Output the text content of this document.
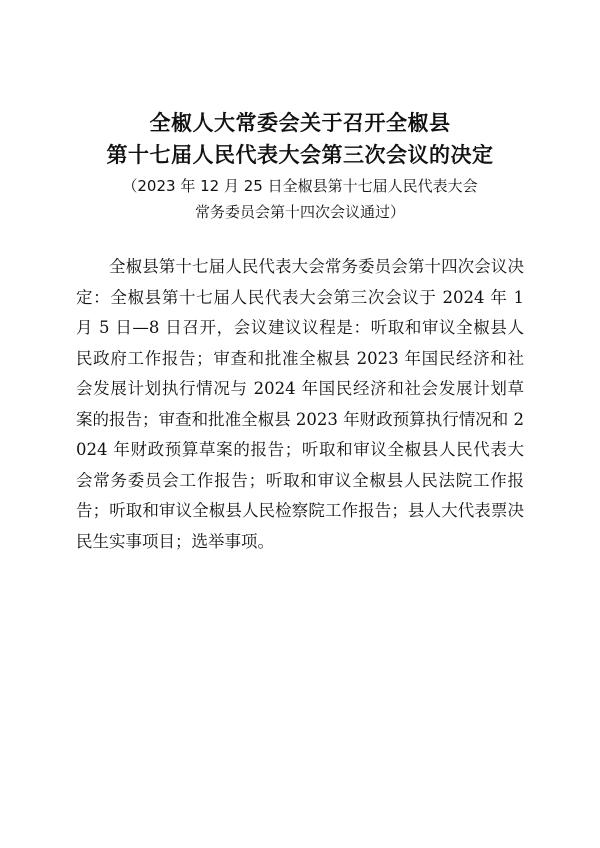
全椒人大常委会关于召开全椒县
第十七届人民代表大会第三次会议的决定
（2023 年 12 月 25 日全椒县第十七届人民代表大会
常务委员会第十四次会议通过）

全椒县第十七届人民代表大会常务委员会第十四次会议决定：全椒县第十七届人民代表大会第三次会议于 2024 年 1 月 5 日—8 日召开，会议建议议程是：听取和审议全椒县人民政府工作报告；审查和批准全椒县 2023 年国民经济和社会发展计划执行情况与 2024 年国民经济和社会发展计划草案的报告；审查和批准全椒县 2023 年财政预算执行情况和 2024 年财政预算草案的报告；听取和审议全椒县人民代表大会常务委员会工作报告；听取和审议全椒县人民法院工作报告；听取和审议全椒县人民检察院工作报告；县人大代表票决民生实事项目；选举事项。
